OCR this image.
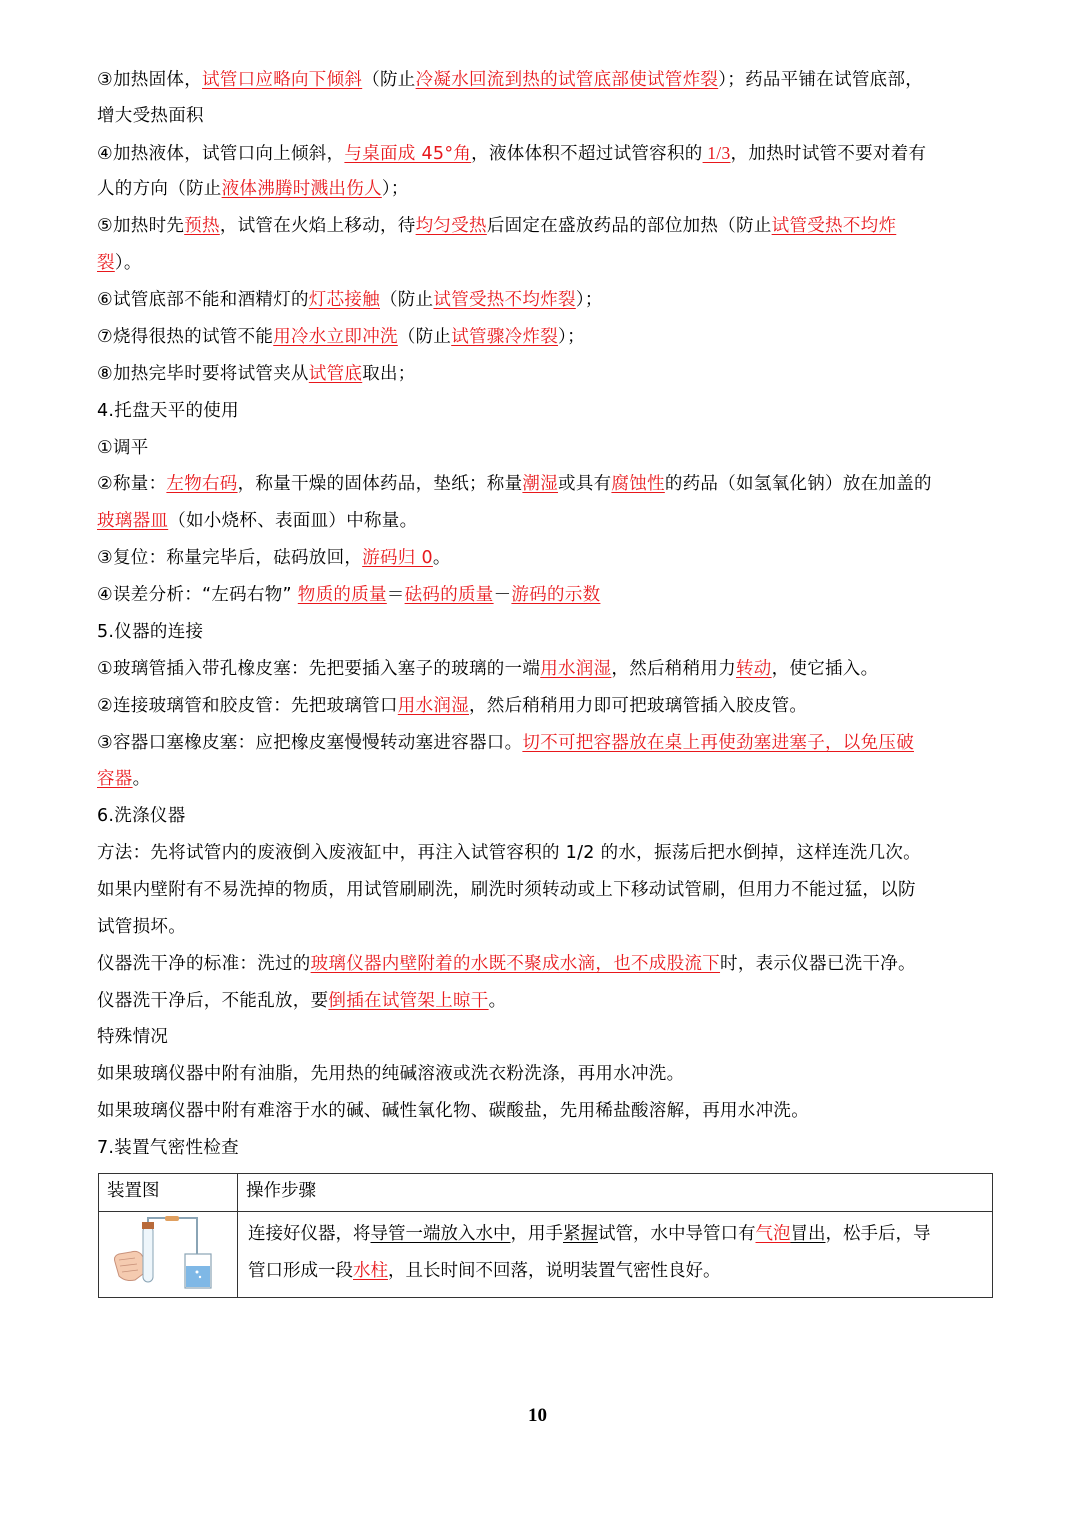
③加热固体，试管口应略向下倾斜（防止冷凝水回流到热的试管底部使试管炸裂）；药品平铺在试管底部，
增大受热面积
④加热液体，试管口向上倾斜，与桌面成 45°角，液体体积不超过试管容积的 1/3，加热时试管不要对着有
人的方向（防止液体沸腾时溅出伤人）；
⑤加热时先预热，试管在火焰上移动，待均匀受热后固定在盛放药品的部位加热（防止试管受热不均炸
裂）。
⑥试管底部不能和酒精灯的灯芯接触（防止试管受热不均炸裂）；
⑦烧得很热的试管不能用冷水立即冲洗（防止试管骤冷炸裂）；
⑧加热完毕时要将试管夹从试管底取出；
4.托盘天平的使用
①调平
②称量：左物右码，称量干燥的固体药品，垫纸；称量潮湿或具有腐蚀性的药品（如氢氧化钠）放在加盖的
玻璃器皿（如小烧杯、表面皿）中称量。
③复位：称量完毕后，砝码放回，游码归 0。
④误差分析：“左码右物” 物质的质量＝砝码的质量－游码的示数
5.仪器的连接
①玻璃管插入带孔橡皮塞：先把要插入塞子的玻璃的一端用水润湿，然后稍稍用力转动，使它插入。
②连接玻璃管和胶皮管：先把玻璃管口用水润湿，然后稍稍用力即可把玻璃管插入胶皮管。
③容器口塞橡皮塞：应把橡皮塞慢慢转动塞进容器口。切不可把容器放在桌上再使劲塞进塞子，以免压破
容器。
6.洗涤仪器
方法：先将试管内的废液倒入废液缸中，再注入试管容积的 1/2 的水，振荡后把水倒掉，这样连洗几次。
如果内壁附有不易洗掉的物质，用试管刷刷洗，刷洗时须转动或上下移动试管刷，但用力不能过猛，以防
试管损坏。
仪器洗干净的标准：洗过的玻璃仪器内壁附着的水既不聚成水滴，也不成股流下时，表示仪器已洗干净。
仪器洗干净后，不能乱放，要倒插在试管架上晾干。
特殊情况
如果玻璃仪器中附有油脂，先用热的纯碱溶液或洗衣粉洗涤，再用水冲洗。
如果玻璃仪器中附有难溶于水的碱、碱性氧化物、碳酸盐，先用稀盐酸溶解，再用水冲洗。
7.装置气密性检查
装置图	操作步骤

连接好仪器，将导管一端放入水中，用手紧握试管，水中导管口有气泡冒出，松手后，导
管口形成一段水柱，且长时间不回落，说明装置气密性良好。
10
